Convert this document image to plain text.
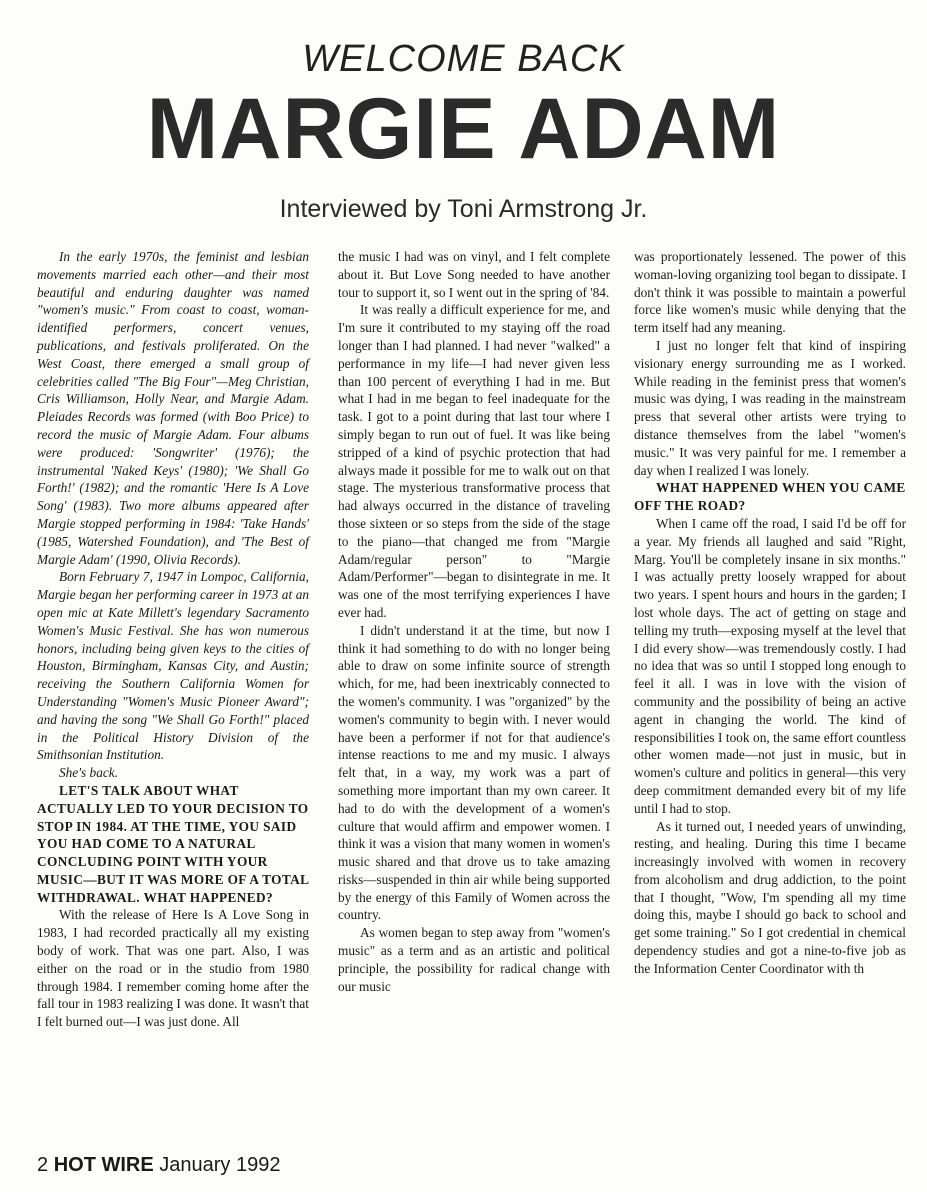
WELCOME BACK
MARGIE ADAM
Interviewed by Toni Armstrong Jr.

In the early 1970s, the feminist and lesbian movements married each other—and their most beautiful and enduring daughter was named "women's music." From coast to coast, woman-identified performers, concert venues, publications, and festivals proliferated. On the West Coast, there emerged a small group of celebrities called "The Big Four"—Meg Christian, Cris Williamson, Holly Near, and Margie Adam. Pleiades Records was formed (with Boo Price) to record the music of Margie Adam. Four albums were produced: 'Songwriter' (1976); the instrumental 'Naked Keys' (1980); 'We Shall Go Forth!' (1982); and the romantic 'Here Is A Love Song' (1983). Two more albums appeared after Margie stopped performing in 1984: 'Take Hands' (1985, Watershed Foundation), and 'The Best of Margie Adam' (1990, Olivia Records).

Born February 7, 1947 in Lompoc, California, Margie began her performing career in 1973 at an open mic at Kate Millett's legendary Sacramento Women's Music Festival. She has won numerous honors, including being given keys to the cities of Houston, Birmingham, Kansas City, and Austin; receiving the Southern California Women for Understanding "Women's Music Pioneer Award"; and having the song "We Shall Go Forth!" placed in the Political History Division of the Smithsonian Institution.

She's back.

LET'S TALK ABOUT WHAT ACTUALLY LED TO YOUR DECISION TO STOP IN 1984. AT THE TIME, YOU SAID YOU HAD COME TO A NATURAL CONCLUDING POINT WITH YOUR MUSIC—BUT IT WAS MORE OF A TOTAL WITHDRAWAL. WHAT HAPPENED?

With the release of Here Is A Love Song in 1983, I had recorded practically all my existing body of work. That was one part. Also, I was either on the road or in the studio from 1980 through 1984. I remember coming home after the fall tour in 1983 realizing I was done. It wasn't that I felt burned out—I was just done. All

the music I had was on vinyl, and I felt complete about it. But Love Song needed to have another tour to support it, so I went out in the spring of '84.

It was really a difficult experience for me, and I'm sure it contributed to my staying off the road longer than I had planned. I had never "walked" a performance in my life—I had never given less than 100 percent of everything I had in me. But what I had in me began to feel inadequate for the task. I got to a point during that last tour where I simply began to run out of fuel. It was like being stripped of a kind of psychic protection that had always made it possible for me to walk out on that stage. The mysterious transformative process that had always occurred in the distance of traveling those sixteen or so steps from the side of the stage to the piano—that changed me from "Margie Adam/regular person" to "Margie Adam/Performer"—began to disintegrate in me. It was one of the most terrifying experiences I have ever had.

I didn't understand it at the time, but now I think it had something to do with no longer being able to draw on some infinite source of strength which, for me, had been inextricably connected to the women's community. I was "organized" by the women's community to begin with. I never would have been a performer if not for that audience's intense reactions to me and my music. I always felt that, in a way, my work was a part of something more important than my own career. It had to do with the development of a women's culture that would affirm and empower women. I think it was a vision that many women in women's music shared and that drove us to take amazing risks—suspended in thin air while being supported by the energy of this Family of Women across the country.

As women began to step away from "women's music" as a term and as an artistic and political principle, the possibility for radical change with our music

was proportionately lessened. The power of this woman-loving organizing tool began to dissipate. I don't think it was possible to maintain a powerful force like women's music while denying that the term itself had any meaning.

I just no longer felt that kind of inspiring visionary energy surrounding me as I worked. While reading in the feminist press that women's music was dying, I was reading in the mainstream press that several other artists were trying to distance themselves from the label "women's music." It was very painful for me. I remember a day when I realized I was lonely.

WHAT HAPPENED WHEN YOU CAME OFF THE ROAD?

When I came off the road, I said I'd be off for a year. My friends all laughed and said "Right, Marg. You'll be completely insane in six months." I was actually pretty loosely wrapped for about two years. I spent hours and hours in the garden; I lost whole days. The act of getting on stage and telling my truth—exposing myself at the level that I did every show—was tremendously costly. I had no idea that was so until I stopped long enough to feel it all. I was in love with the vision of community and the possibility of being an active agent in changing the world. The kind of responsibilities I took on, the same effort countless other women made—not just in music, but in women's culture and politics in general—this very deep commitment demanded every bit of my life until I had to stop.

As it turned out, I needed years of unwinding, resting, and healing. During this time I became increasingly involved with women in recovery from alcoholism and drug addiction, to the point that I thought, "Wow, I'm spending all my time doing this, maybe I should go back to school and get some training." So I got credential in chemical dependency studies and got a nine-to-five job as the Information Center Coordinator with th

2 HOT WIRE January 1992
